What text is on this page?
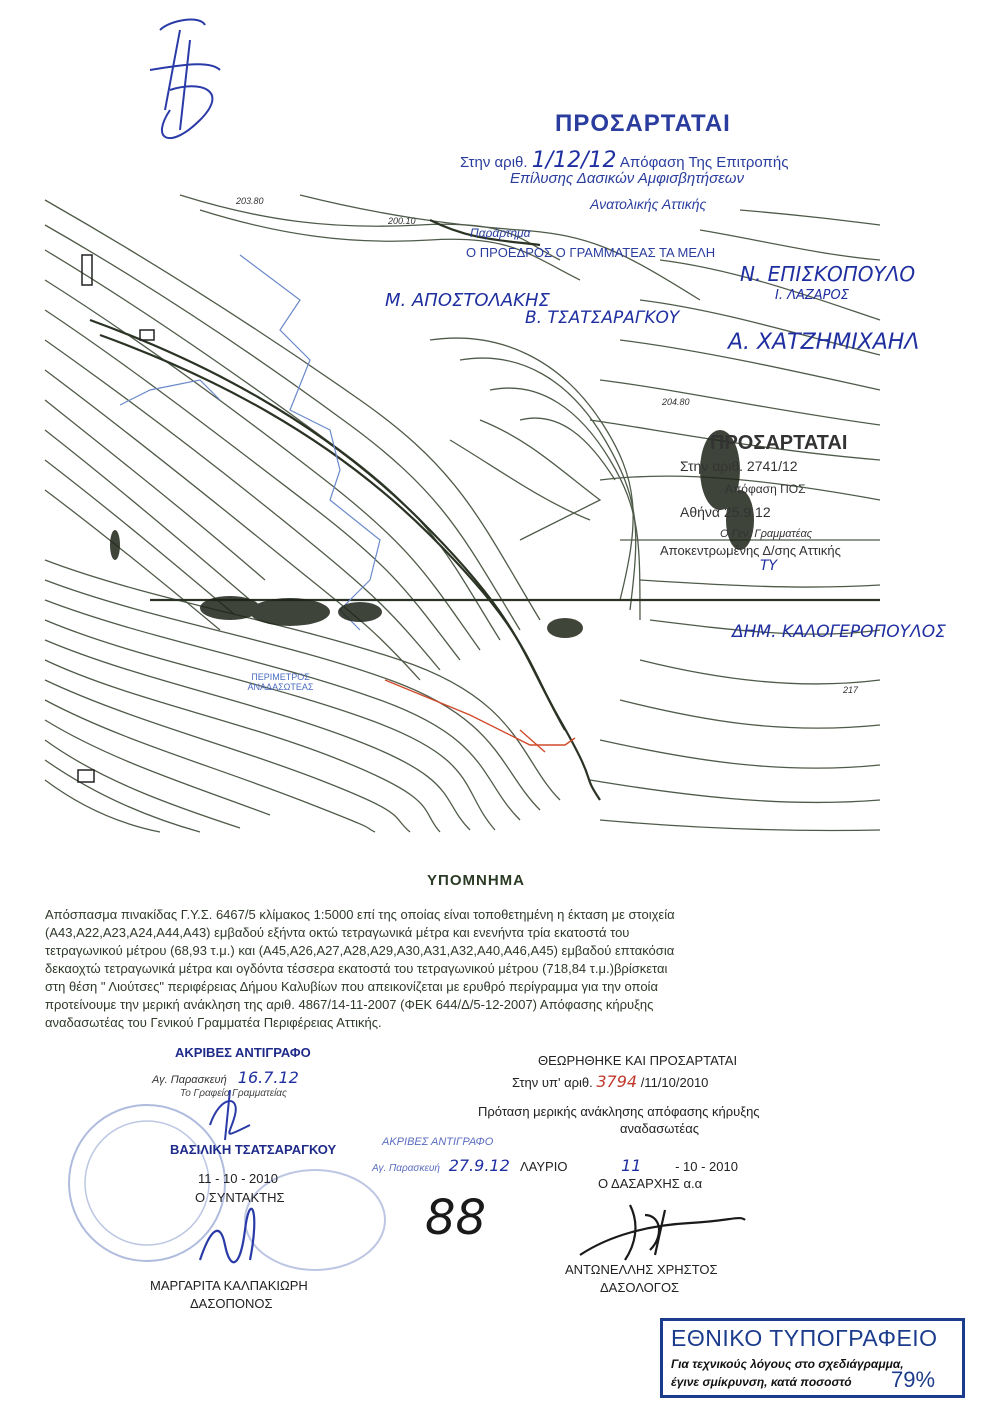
ΠΕΡΙΜΕΤΡΟΣ ΑΝΑΔΑΣΩΤΕΑΣ
203.80
200.10
204.80
217
ΠΡΟΣΑΡΤΑΤΑΙ
Στην αριθ. 1/12/12 Απόφαση Της Επιτροπής
Επίλυσης Δασικών Αμφισβητήσεων
Ανατολικής Αττικής
Παράρτημα
Ο ΠΡΟΕΔΡΟΣ Ο ΓΡΑΜΜΑΤΕΑΣ ΤΑ ΜΕΛΗ
Μ. ΑΠΟΣΤΟΛΑΚΗΣ
Β. ΤΣΑΤΣΑΡΑΓΚΟΥ
Ν. ΕΠΙΣΚΟΠΟΥΛΟ
Ι. ΛΑΖΑΡΟΣ
Α. ΧΑΤΖΗΜΙΧΑΗΛ
ΠΡΟΣΑΡΤΑΤΑΙ
Στην αριθ. 2741/12
Απόφαση ΠΟΣ
Αθήνα 25.9.12
Ο Γεν. Γραμματέας
Αποκεντρωμένης Δ/σης Αττικής
ΤΥ
ΔΗΜ. ΚΑΛΟΓΕΡΟΠΟΥΛΟΣ
ΥΠΟΜΝΗΜΑ
Απόσπασμα πινακίδας Γ.Υ.Σ. 6467/5 κλίμακος 1:5000 επί της οποίας είναι τοποθετημένη η έκταση με στοιχεία
(Α43,Α22,Α23,Α24,Α44,Α43) εμβαδού εξήντα οκτώ τετραγωνικά μέτρα και ενενήντα τρία εκατοστά του
τετραγωνικού μέτρου (68,93 τ.μ.) και (Α45,Α26,Α27,Α28,Α29,Α30,Α31,Α32,Α40,Α46,Α45) εμβαδού επτακόσια
δεκαοχτώ τετραγωνικά μέτρα και ογδόντα τέσσερα εκατοστά του τετραγωνικού μέτρου (718,84 τ.μ.)βρίσκεται
στη θέση " Λιούτσες" περιφέρειας Δήμου Καλυβίων που απεικονίζεται με ερυθρό περίγραμμα για την οποία
προτείνουμε την μερική ανάκληση της αριθ. 4867/14-11-2007 (ΦΕΚ 644/Δ/5-12-2007) Απόφασης κήρυξης
αναδασωτέας του Γενικού Γραμματέα Περιφέρειας Αττικής.
ΑΚΡΙΒΕΣ ΑΝΤΙΓΡΑΦΟ
Αγ. Παρασκευή 16.7.12
Το Γραφείο Γραμματείας
ΒΑΣΙΛΙΚΗ ΤΣΑΤΣΑΡΑΓΚΟΥ
11 - 10 - 2010
Ο ΣΥΝΤΑΚΤΗΣ
ΜΑΡΓΑΡΙΤΑ ΚΑΛΠΑΚΙΩΡΗ
ΔΑΣΟΠΟΝΟΣ
ΑΚΡΙΒΕΣ ΑΝΤΙΓΡΑΦΟ
Αγ. Παρασκευή 27.9.12
88
ΘΕΩΡΗΘΗΚΕ ΚΑΙ ΠΡΟΣΑΡΤΑΤΑΙ
Στην υπ' αριθ. 3794 /11/10/2010
Πρόταση μερικής ανάκλησης απόφασης κήρυξης
αναδασωτέας
ΛΑΥΡΙΟ	11	- 10 - 2010
Ο ΔΑΣΑΡΧΗΣ α.α
ΑΝΤΩΝΕΛΛΗΣ ΧΡΗΣΤΟΣ
ΔΑΣΟΛΟΓΟΣ
ΕΘΝΙΚΟ ΤΥΠΟΓΡΑΦΕΙΟ
Για τεχνικούς λόγους στο σχεδιάγραμμα,
έγινε σμίκρυνση, κατά ποσοστό 79%
